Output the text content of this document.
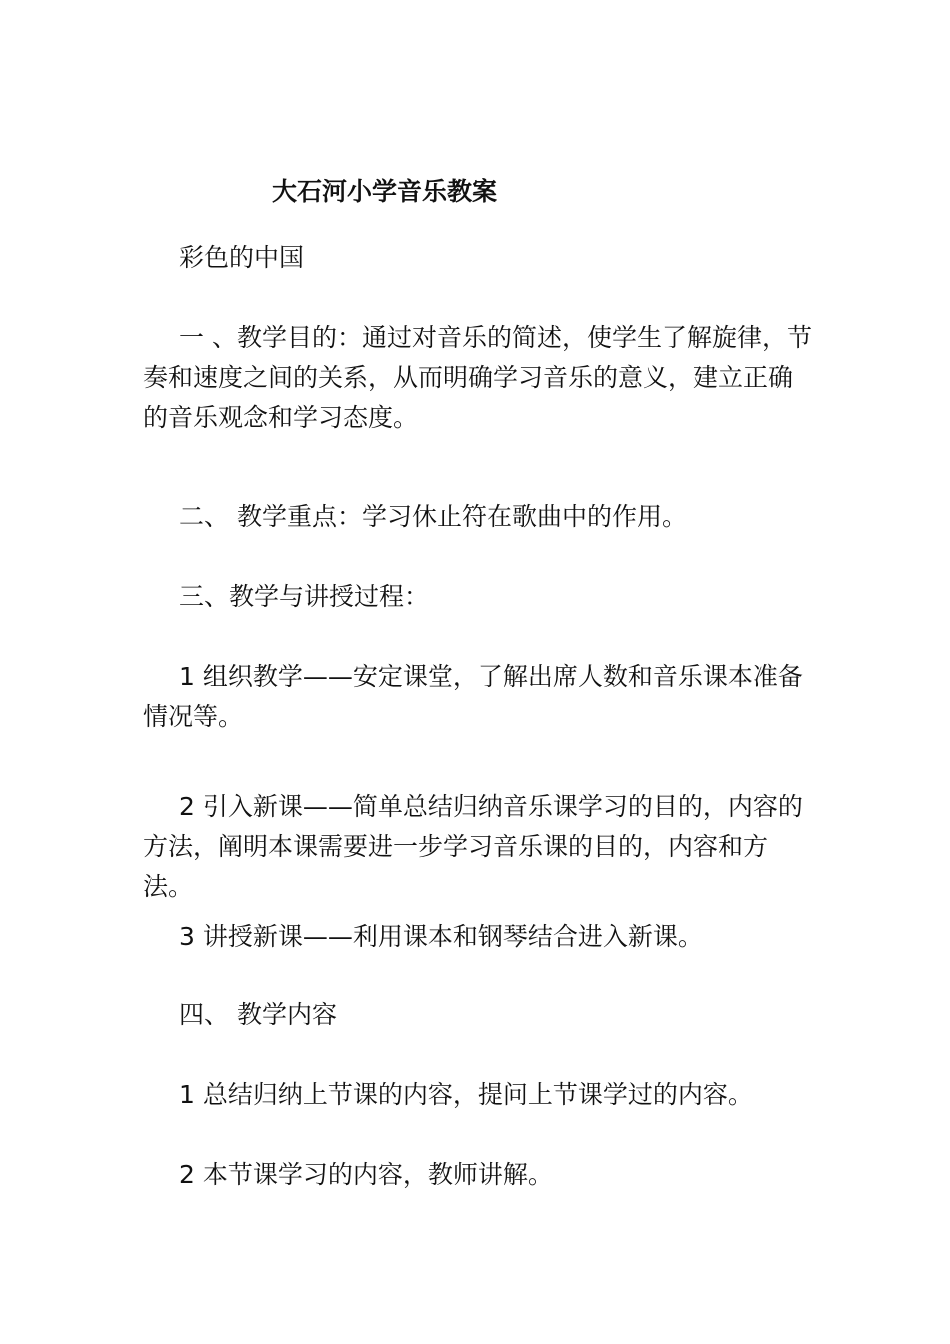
大石河小学音乐教案
彩色的中国
一 、教学目的：通过对音乐的简述，使学生了解旋律，节奏和速度之间的关系，从而明确学习音乐的意义，建立正确的音乐观念和学习态度。
二、 教学重点：学习休止符在歌曲中的作用。
三、教学与讲授过程：
1 组织教学——安定课堂，了解出席人数和音乐课本准备情况等。
2 引入新课——简单总结归纳音乐课学习的目的，内容的方法，阐明本课需要进一步学习音乐课的目的，内容和方法。
3 讲授新课——利用课本和钢琴结合进入新课。
四、 教学内容
1 总结归纳上节课的内容，提问上节课学过的内容。
2 本节课学习的内容，教师讲解。
